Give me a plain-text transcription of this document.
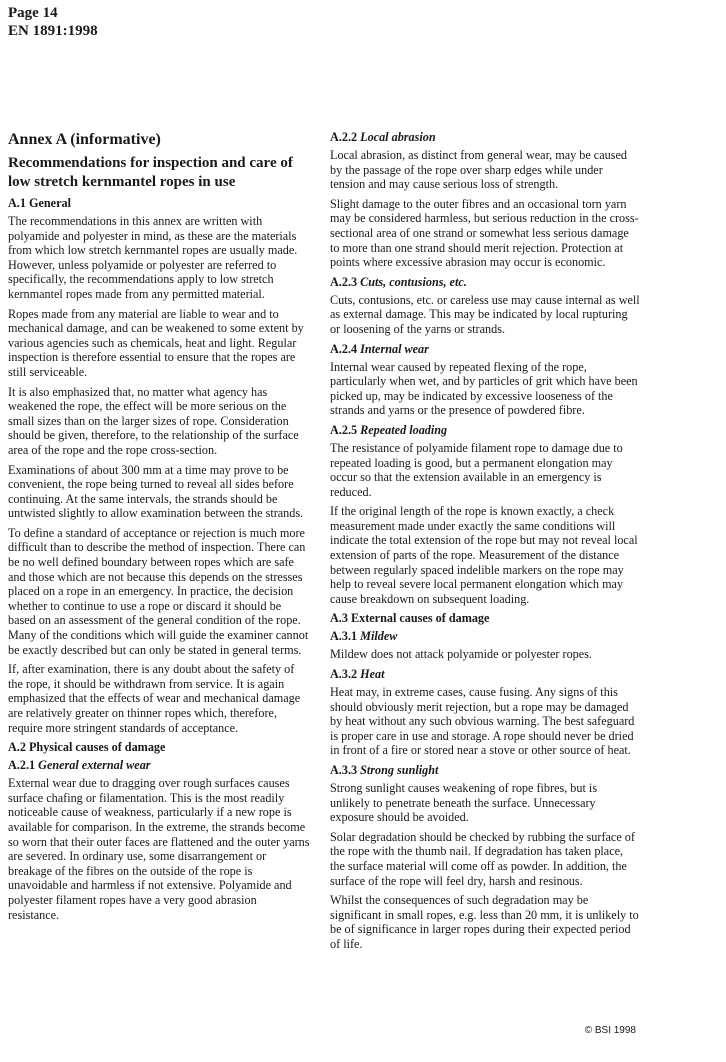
Page 14
EN 1891:1998
Annex A (informative)
Recommendations for inspection and care of low stretch kernmantel ropes in use
A.1 General

The recommendations in this annex are written with polyamide and polyester in mind, as these are the materials from which low stretch kernmantel ropes are usually made. However, unless polyamide or polyester are referred to specifically, the recommendations apply to low stretch kernmantel ropes made from any permitted material.

Ropes made from any material are liable to wear and to mechanical damage, and can be weakened to some extent by various agencies such as chemicals, heat and light. Regular inspection is therefore essential to ensure that the ropes are still serviceable.

It is also emphasized that, no matter what agency has weakened the rope, the effect will be more serious on the small sizes than on the larger sizes of rope. Consideration should be given, therefore, to the relationship of the surface area of the rope and the rope cross-section.

Examinations of about 300 mm at a time may prove to be convenient, the rope being turned to reveal all sides before continuing. At the same intervals, the strands should be untwisted slightly to allow examination between the strands.

To define a standard of acceptance or rejection is much more difficult than to describe the method of inspection. There can be no well defined boundary between ropes which are safe and those which are not because this depends on the stresses placed on a rope in an emergency. In practice, the decision whether to continue to use a rope or discard it should be based on an assessment of the general condition of the rope. Many of the conditions which will guide the examiner cannot be exactly described but can only be stated in general terms.

If, after examination, there is any doubt about the safety of the rope, it should be withdrawn from service. It is again emphasized that the effects of wear and mechanical damage are relatively greater on thinner ropes which, therefore, require more stringent standards of acceptance.

A.2 Physical causes of damage
A.2.1 General external wear

External wear due to dragging over rough surfaces causes surface chafing or filamentation. This is the most readily noticeable cause of weakness, particularly if a new rope is available for comparison. In the extreme, the strands become so worn that their outer faces are flattened and the outer yarns are severed. In ordinary use, some disarrangement or breakage of the fibres on the outside of the rope is unavoidable and harmless if not extensive. Polyamide and polyester filament ropes have a very good abrasion resistance.

A.2.2 Local abrasion

Local abrasion, as distinct from general wear, may be caused by the passage of the rope over sharp edges while under tension and may cause serious loss of strength.

Slight damage to the outer fibres and an occasional torn yarn may be considered harmless, but serious reduction in the cross-sectional area of one strand or somewhat less serious damage to more than one strand should merit rejection. Protection at points where excessive abrasion may occur is economic.

A.2.3 Cuts, contusions, etc.

Cuts, contusions, etc. or careless use may cause internal as well as external damage. This may be indicated by local rupturing or loosening of the yarns or strands.

A.2.4 Internal wear

Internal wear caused by repeated flexing of the rope, particularly when wet, and by particles of grit which have been picked up, may be indicated by excessive looseness of the strands and yarns or the presence of powdered fibre.

A.2.5 Repeated loading

The resistance of polyamide filament rope to damage due to repeated loading is good, but a permanent elongation may occur so that the extension available in an emergency is reduced.

If the original length of the rope is known exactly, a check measurement made under exactly the same conditions will indicate the total extension of the rope but may not reveal local extension of parts of the rope. Measurement of the distance between regularly spaced indelible markers on the rope may help to reveal severe local permanent elongation which may cause breakdown on subsequent loading.

A.3 External causes of damage
A.3.1 Mildew

Mildew does not attack polyamide or polyester ropes.

A.3.2 Heat

Heat may, in extreme cases, cause fusing. Any signs of this should obviously merit rejection, but a rope may be damaged by heat without any such obvious warning. The best safeguard is proper care in use and storage. A rope should never be dried in front of a fire or stored near a stove or other source of heat.

A.3.3 Strong sunlight

Strong sunlight causes weakening of rope fibres, but is unlikely to penetrate beneath the surface. Unnecessary exposure should be avoided.

Solar degradation should be checked by rubbing the surface of the rope with the thumb nail. If degradation has taken place, the surface material will come off as powder. In addition, the surface of the rope will feel dry, harsh and resinous.

Whilst the consequences of such degradation may be significant in small ropes, e.g. less than 20 mm, it is unlikely to be of significance in larger ropes during their expected period of life.

© BSI 1998
